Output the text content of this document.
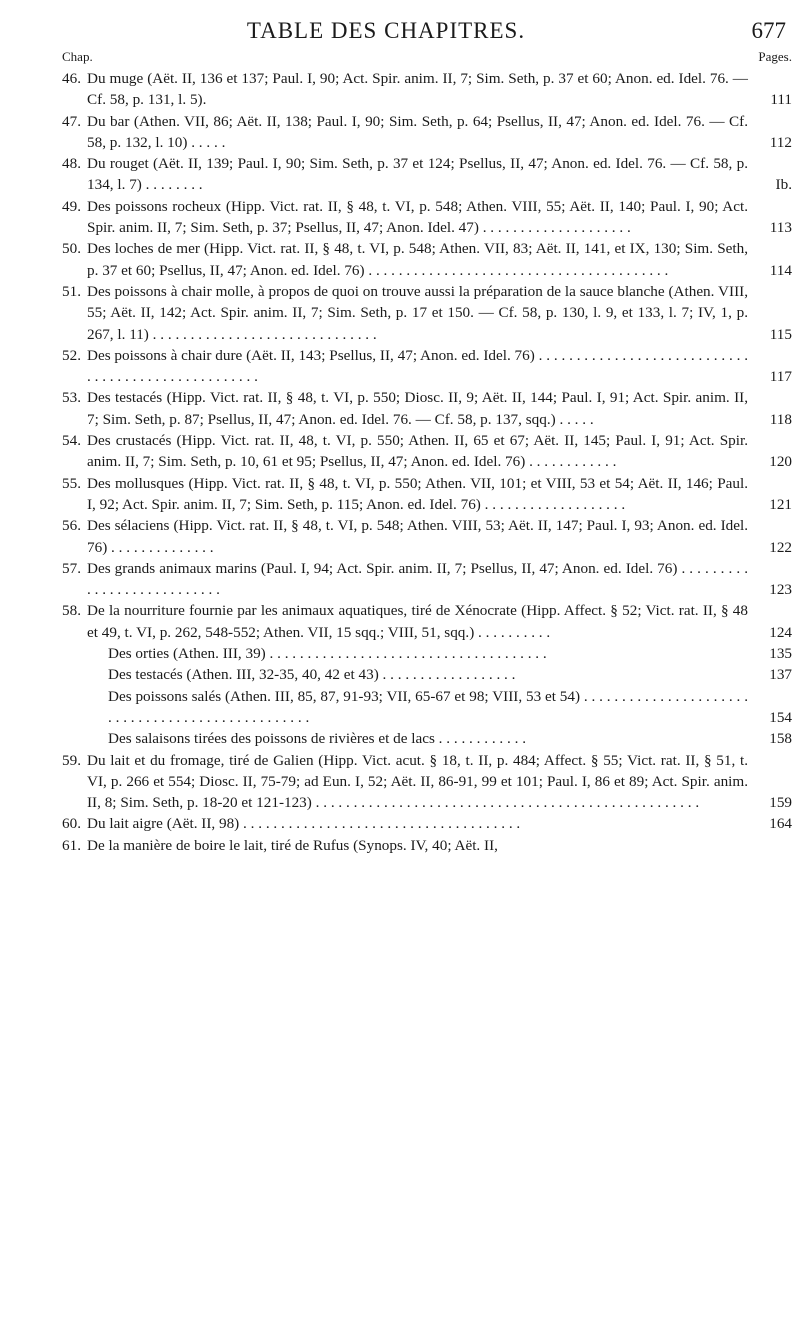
TABLE DES CHAPITRES.	677
Chap.	Pages.
46. Du muge (Aët. II, 136 et 137; Paul. I, 90; Act. Spir. anim. II, 7; Sim. Seth, p. 37 et 60; Anon. ed. Idel. 76. — Cf. 58, p. 131, l. 5).	111
47. Du bar (Athen. VII, 86; Aët. II, 138; Paul. I, 90; Sim. Seth, p. 64; Psellus, II, 47; Anon. ed. Idel. 76. — Cf. 58, p. 132, l. 10) . . . . .	112
48. Du rouget (Aët. II, 139; Paul. I, 90; Sim. Seth, p. 37 et 124; Psellus, II, 47; Anon. ed. Idel. 76. — Cf. 58, p. 134, l. 7) . . . . . . . .	Ib.
49. Des poissons rocheux (Hipp. Vict. rat. II, § 48, t. VI, p. 548; Athen. VIII, 55; Aët. II, 140; Paul. I, 90; Act. Spir. anim. II, 7; Sim. Seth, p. 37; Psellus, II, 47; Anon. Idel. 47) . . . . . . . . . . . . . . . . . . . .	113
50. Des loches de mer (Hipp. Vict. rat. II, § 48, t. VI, p. 548; Athen. VII, 83; Aët. II, 141, et IX, 130; Sim. Seth, p. 37 et 60; Psellus, II, 47; Anon. ed. Idel. 76) . . . . . . . . . . . . . . . . . . . . . . . . . . . . . . . . . . . . . . . .	114
51. Des poissons à chair molle, à propos de quoi on trouve aussi la préparation de la sauce blanche (Athen. VIII, 55; Aët. II, 142; Act. Spir. anim. II, 7; Sim. Seth, p. 17 et 150. — Cf. 58, p. 130, l. 9, et 133, l. 7; IV, 1, p. 267, l. 11) . . . . . . . . . . . . . . . . . . . . . . . . . . . . . .	115
52. Des poissons à chair dure (Aët. II, 143; Psellus, II, 47; Anon. ed. Idel. 76) . . . . . . . . . . . . . . . . . . . . . . . . . . . . . . . . . . . . . . . . . . . . . . . . . . .	117
53. Des testacés (Hipp. Vict. rat. II, § 48, t. VI, p. 550; Diosc. II, 9; Aët. II, 144; Paul. I, 91; Act. Spir. anim. II, 7; Sim. Seth, p. 87; Psellus, II, 47; Anon. ed. Idel. 76. — Cf. 58, p. 137, sqq.) . . . . .	118
54. Des crustacés (Hipp. Vict. rat. II, 48, t. VI, p. 550; Athen. II, 65 et 67; Aët. II, 145; Paul. I, 91; Act. Spir. anim. II, 7; Sim. Seth, p. 10, 61 et 95; Psellus, II, 47; Anon. ed. Idel. 76) . . . . . . . . . . . .	120
55. Des mollusques (Hipp. Vict. rat. II, § 48, t. VI, p. 550; Athen. VII, 101; et VIII, 53 et 54; Aët. II, 146; Paul. I, 92; Act. Spir. anim. II, 7; Sim. Seth, p. 115; Anon. ed. Idel. 76) . . . . . . . . . . . . . . . . . . .	121
56. Des sélaciens (Hipp. Vict. rat. II, § 48, t. VI, p. 548; Athen. VIII, 53; Aët. II, 147; Paul. I, 93; Anon. ed. Idel. 76) . . . . . . . . . . . . . .	122
57. Des grands animaux marins (Paul. I, 94; Act. Spir. anim. II, 7; Psellus, II, 47; Anon. ed. Idel. 76) . . . . . . . . . . . . . . . . . . . . . . . . . . .	123
58. De la nourriture fournie par les animaux aquatiques, tiré de Xénocrate (Hipp. Affect. § 52; Vict. rat. II, § 48 et 49, t. VI, p. 262, 548-552; Athen. VII, 15 sqq.; VIII, 51, sqq.) . . . . . . . . . .	124
Des orties (Athen. III, 39) . . . . . . . . . . . . . . . . . . . . . . . . . . . . . . . . . . . . .	135
Des testacés (Athen. III, 32-35, 40, 42 et 43) . . . . . . . . . . . . . . . . . .	137
Des poissons salés (Athen. III, 85, 87, 91-93; VII, 65-67 et 98; VIII, 53 et 54) . . . . . . . . . . . . . . . . . . . . . . . . . . . . . . . . . . . . . . . . . . . . . . . . .	154
Des salaisons tirées des poissons de rivières et de lacs . . . . . . . . . . . .	158
59. Du lait et du fromage, tiré de Galien (Hipp. Vict. acut. § 18, t. II, p. 484; Affect. § 55; Vict. rat. II, § 51, t. VI, p. 266 et 554; Diosc. II, 75-79; ad Eun. I, 52; Aët. II, 86-91, 99 et 101; Paul. I, 86 et 89; Act. Spir. anim. II, 8; Sim. Seth, p. 18-20 et 121-123) . . . . . . . . . . . . . . . . . . . . . . . . . . . . . . . . . . . . . . . . . . . . . . . . . . .	159
60. Du lait aigre (Aët. II, 98) . . . . . . . . . . . . . . . . . . . . . . . . . . . . . . . . . . . . .	164
61. De la manière de boire le lait, tiré de Rufus (Synops. IV, 40; Aët. II,
